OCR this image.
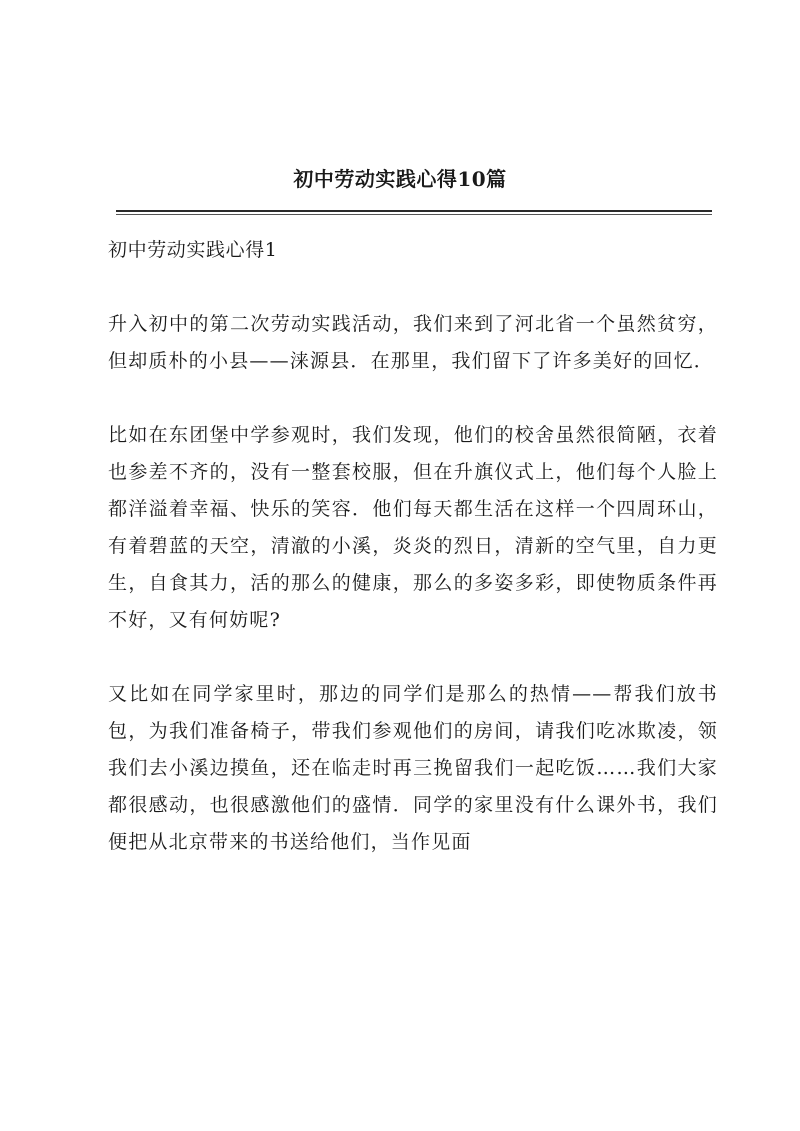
初中劳动实践心得10篇

初中劳动实践心得1

升入初中的第二次劳动实践活动，我们来到了河北省一个虽然贫穷，但却质朴的小县——涞源县．在那里，我们留下了许多美好的回忆．

比如在东团堡中学参观时，我们发现，他们的校舍虽然很简陋，衣着也参差不齐的，没有一整套校服，但在升旗仪式上，他们每个人脸上都洋溢着幸福、快乐的笑容．他们每天都生活在这样一个四周环山，有着碧蓝的天空，清澈的小溪，炎炎的烈日，清新的空气里，自力更生，自食其力，活的那么的健康，那么的多姿多彩，即使物质条件再不好，又有何妨呢?

又比如在同学家里时，那边的同学们是那么的热情——帮我们放书包，为我们准备椅子，带我们参观他们的房间，请我们吃冰欺凌，领我们去小溪边摸鱼，还在临走时再三挽留我们一起吃饭……我们大家都很感动，也很感激他们的盛情．同学的家里没有什么课外书，我们便把从北京带来的书送给他们，当作见面
